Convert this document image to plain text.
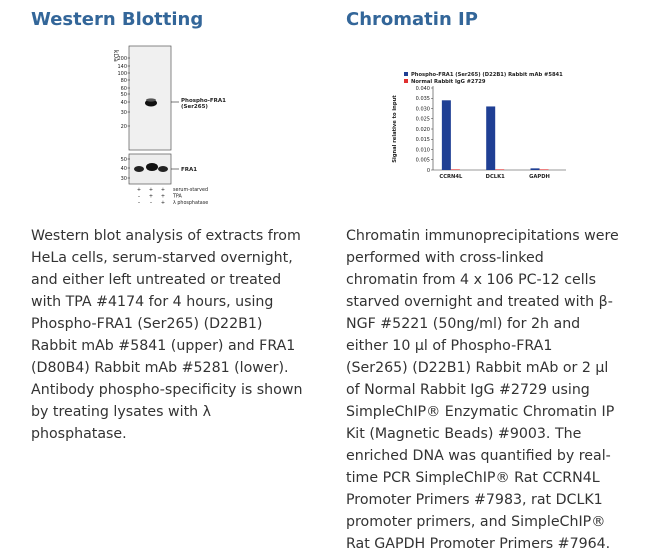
Western Blotting
kDa
200
140
100
80
60
50
40
30
20
Phospho-FRA1
(Ser265)
50
40
30
FRA1
+ + + serum-starved
– + + TPA
– – + λ phosphatase
Western blot analysis of extracts from
HeLa cells, serum-starved overnight,
and either left untreated or treated
with TPA #4174 for 4 hours, using
Phospho-FRA1 (Ser265) (D22B1)
Rabbit mAb #5841 (upper) and FRA1
(D80B4) Rabbit mAb #5281 (lower).
Antibody phospho-specificity is shown
by treating lysates with λ
phosphatase.
Chromatin IP
Phospho-FRA1 (Ser265) (D22B1) Rabbit mAb #5841
Normal Rabbit IgG #2729
Signal relative to input
0
0.005
0.010
0.015
0.020
0.025
0.030
0.035
0.040
CCRN4L	DCLK1	GAPDH
Chromatin immunoprecipitations were
performed with cross-linked
chromatin from 4 x 106 PC-12 cells
starved overnight and treated with β-
NGF #5221 (50ng/ml) for 2h and
either 10 µl of Phospho-FRA1
(Ser265) (D22B1) Rabbit mAb or 2 µl
of Normal Rabbit IgG #2729 using
SimpleChIP® Enzymatic Chromatin IP
Kit (Magnetic Beads) #9003. The
enriched DNA was quantified by real-
time PCR SimpleChIP® Rat CCRN4L
Promoter Primers #7983, rat DCLK1
promoter primers, and SimpleChIP®
Rat GAPDH Promoter Primers #7964.
